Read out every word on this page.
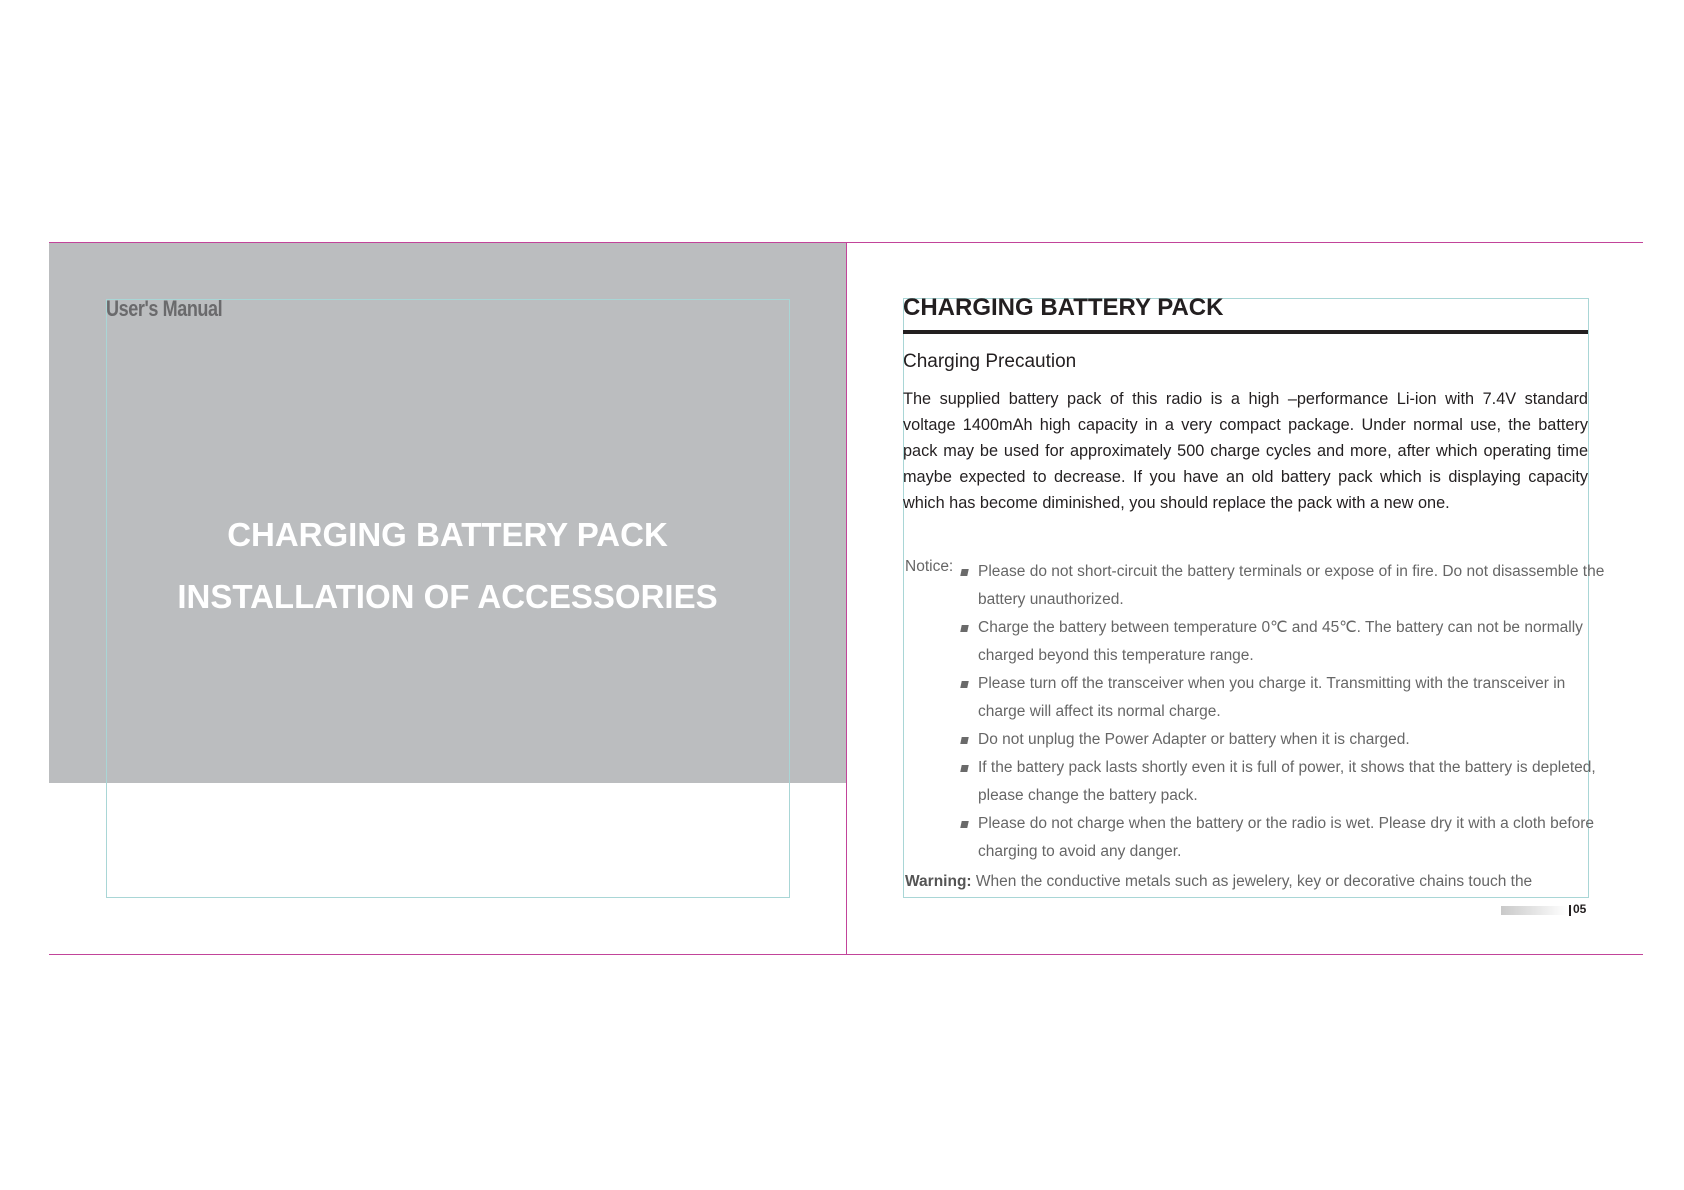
User's Manual
CHARGING BATTERY PACK
INSTALLATION OF ACCESSORIES
CHARGING BATTERY PACK
Charging Precaution
The supplied battery pack of this radio is a high –performance Li-ion with 7.4V standard voltage 1400mAh high capacity in a very compact package. Under normal use, the battery pack may be used for approximately 500 charge cycles and more, after which operating time maybe expected to decrease. If you have an old battery pack which is displaying capacity which has become diminished, you should replace the pack with a new one.
Notice: Please do not short-circuit the battery terminals or expose of in fire. Do not disassemble the battery unauthorized.
Charge the battery between temperature 0℃ and 45℃. The battery can not be normally charged beyond this temperature range.
Please turn off the transceiver when you charge it. Transmitting with the transceiver in charge will affect its normal charge.
Do not unplug the Power Adapter or battery when it is charged.
If the battery pack lasts shortly even it is full of power, it shows that the battery is depleted, please change the battery pack.
Please do not charge when the battery or the radio is wet. Please dry it with a cloth before charging to avoid any danger.
Warning: When the conductive metals such as jewelery, key or decorative chains touch the
05
